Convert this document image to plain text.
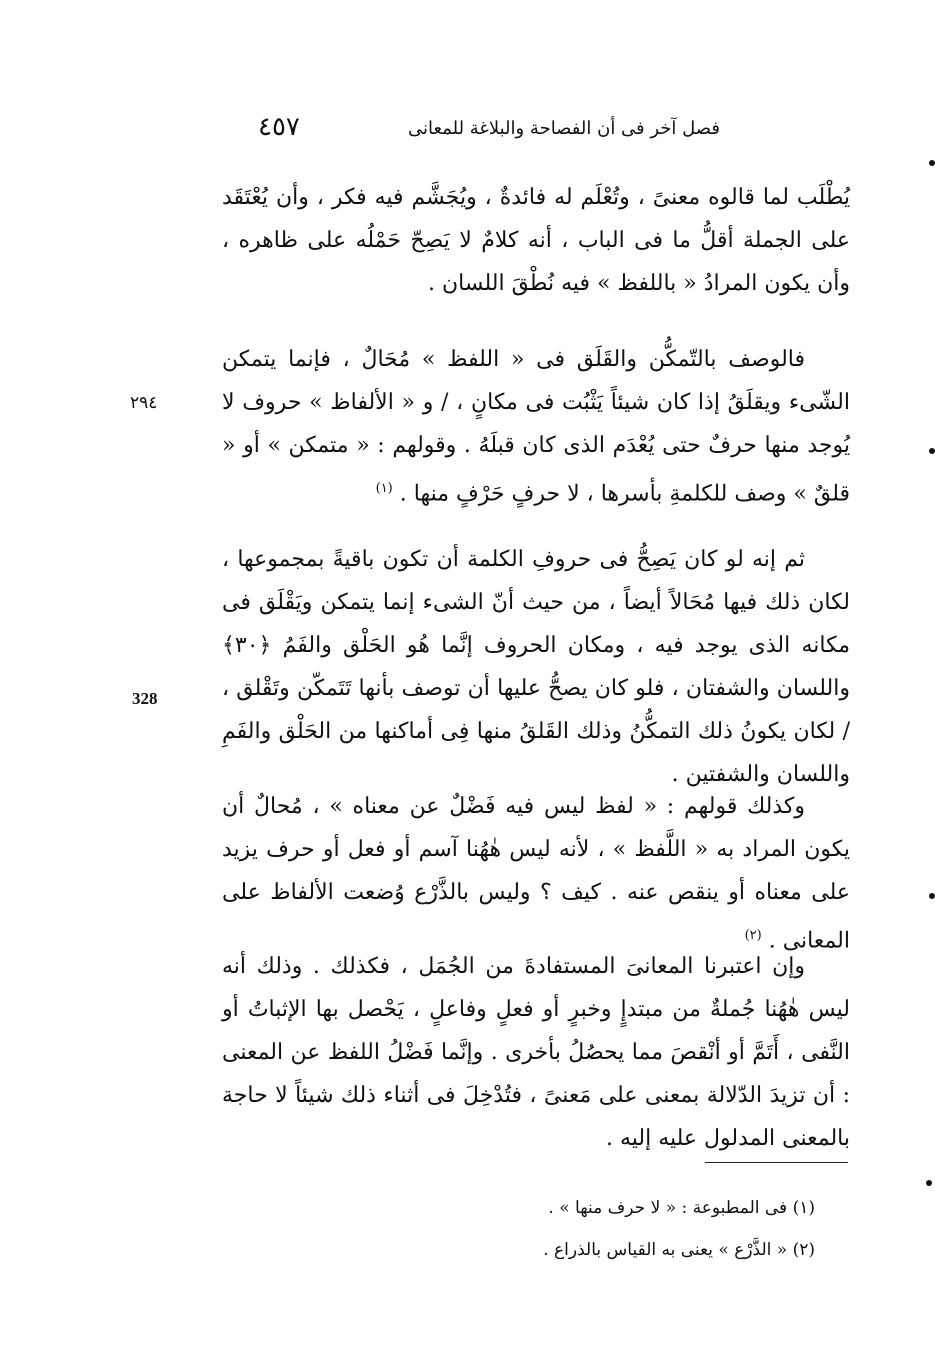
٤٥٧	فصل آخر فى أن الفصاحة والبلاغة للمعانى

يُطْلَب لما قالوه معنىً ، وتُعْلَم له فائدةٌ ، ويُجَشَّم فيه فكر ، وأن يُعْتَقَد على الجملة أقلُّ ما فى الباب ، أنه كلامٌ لا يَصِحّ حَمْلُه على ظاهره ، وأن يكون المرادُ « باللفظ » فيه نُطْقَ اللسان .

فالوصف بالتّمكُّن والقَلَق فى « اللفظ » مُحَالٌ ، فإنما يتمكن الشّىء ويقلَقُ إذا كان شيئاً يَثْبُت فى مكانٍ ، / و « الألفاظ » حروف لا يُوجد منها حرفٌ حتى يُعْدَم الذى كان قبلَهُ . وقولهم : « متمكن » أو « قلقٌ » وصف للكلمةِ بأسرها ، لا حرفٍ حَرْفٍ منها . $^{(١)}$

٢٩٤

ثم إنه لو كان يَصِحُّ فى حروفِ الكلمة أن تكون باقيةً بمجموعها ، لكان ذلك فيها مُحَالاً أيضاً ، من حيث أنّ الشىء إنما يتمكن ويَقْلَق فى مكانه الذى يوجد فيه ، ومكان الحروف إنَّما هُو الحَلْق والفَمُ ﴿٣٠﴾ واللسان والشفتان ، فلو كان يصحُّ عليها أن توصف بأنها تَتَمكّن وتَقْلق ، / لكان يكونُ ذلك التمكُّنُ وذلك القَلقُ منها فِى أماكنها من الحَلْق والفَمِ واللسان والشفتين .

328

وكذلك قولهم : « لفظ ليس فيه فَضْلٌ عن معناه » ، مُحالٌ أن يكون المراد به « اللَّفظ » ، لأنه ليس هٰهُنا آسم أو فعل أو حرف يزيد على معناه أو ينقص عنه . كيف ؟ وليس بالذَّرْع وُضعت الألفاظ على المعانى . $^{(٢)}$

وإن اعتبرنا المعانىَ المستفادةَ من الجُمَل ، فكذلك . وذلك أنه ليس هٰهُنا جُملةٌ من مبتدإٍ وخبرٍ أو فعلٍ وفاعلٍ ، يَحْصل بها الإثباتُ أو النَّفى ، أَتَمَّ أو أنْقصَ مما يحصُلُ بأخرى . وإنَّما فَضْلُ اللفظ عن المعنى : أن تزيدَ الدّلالة بمعنى على مَعنىً ، فتُدْخِلَ فى أثناء ذلك شيئاً لا حاجة بالمعنى المدلول عليه إليه .

(١) فى المطبوعة : « لا حرف منها » .
(٢) « الذَّرْع » يعنى به القياس بالذراع .
